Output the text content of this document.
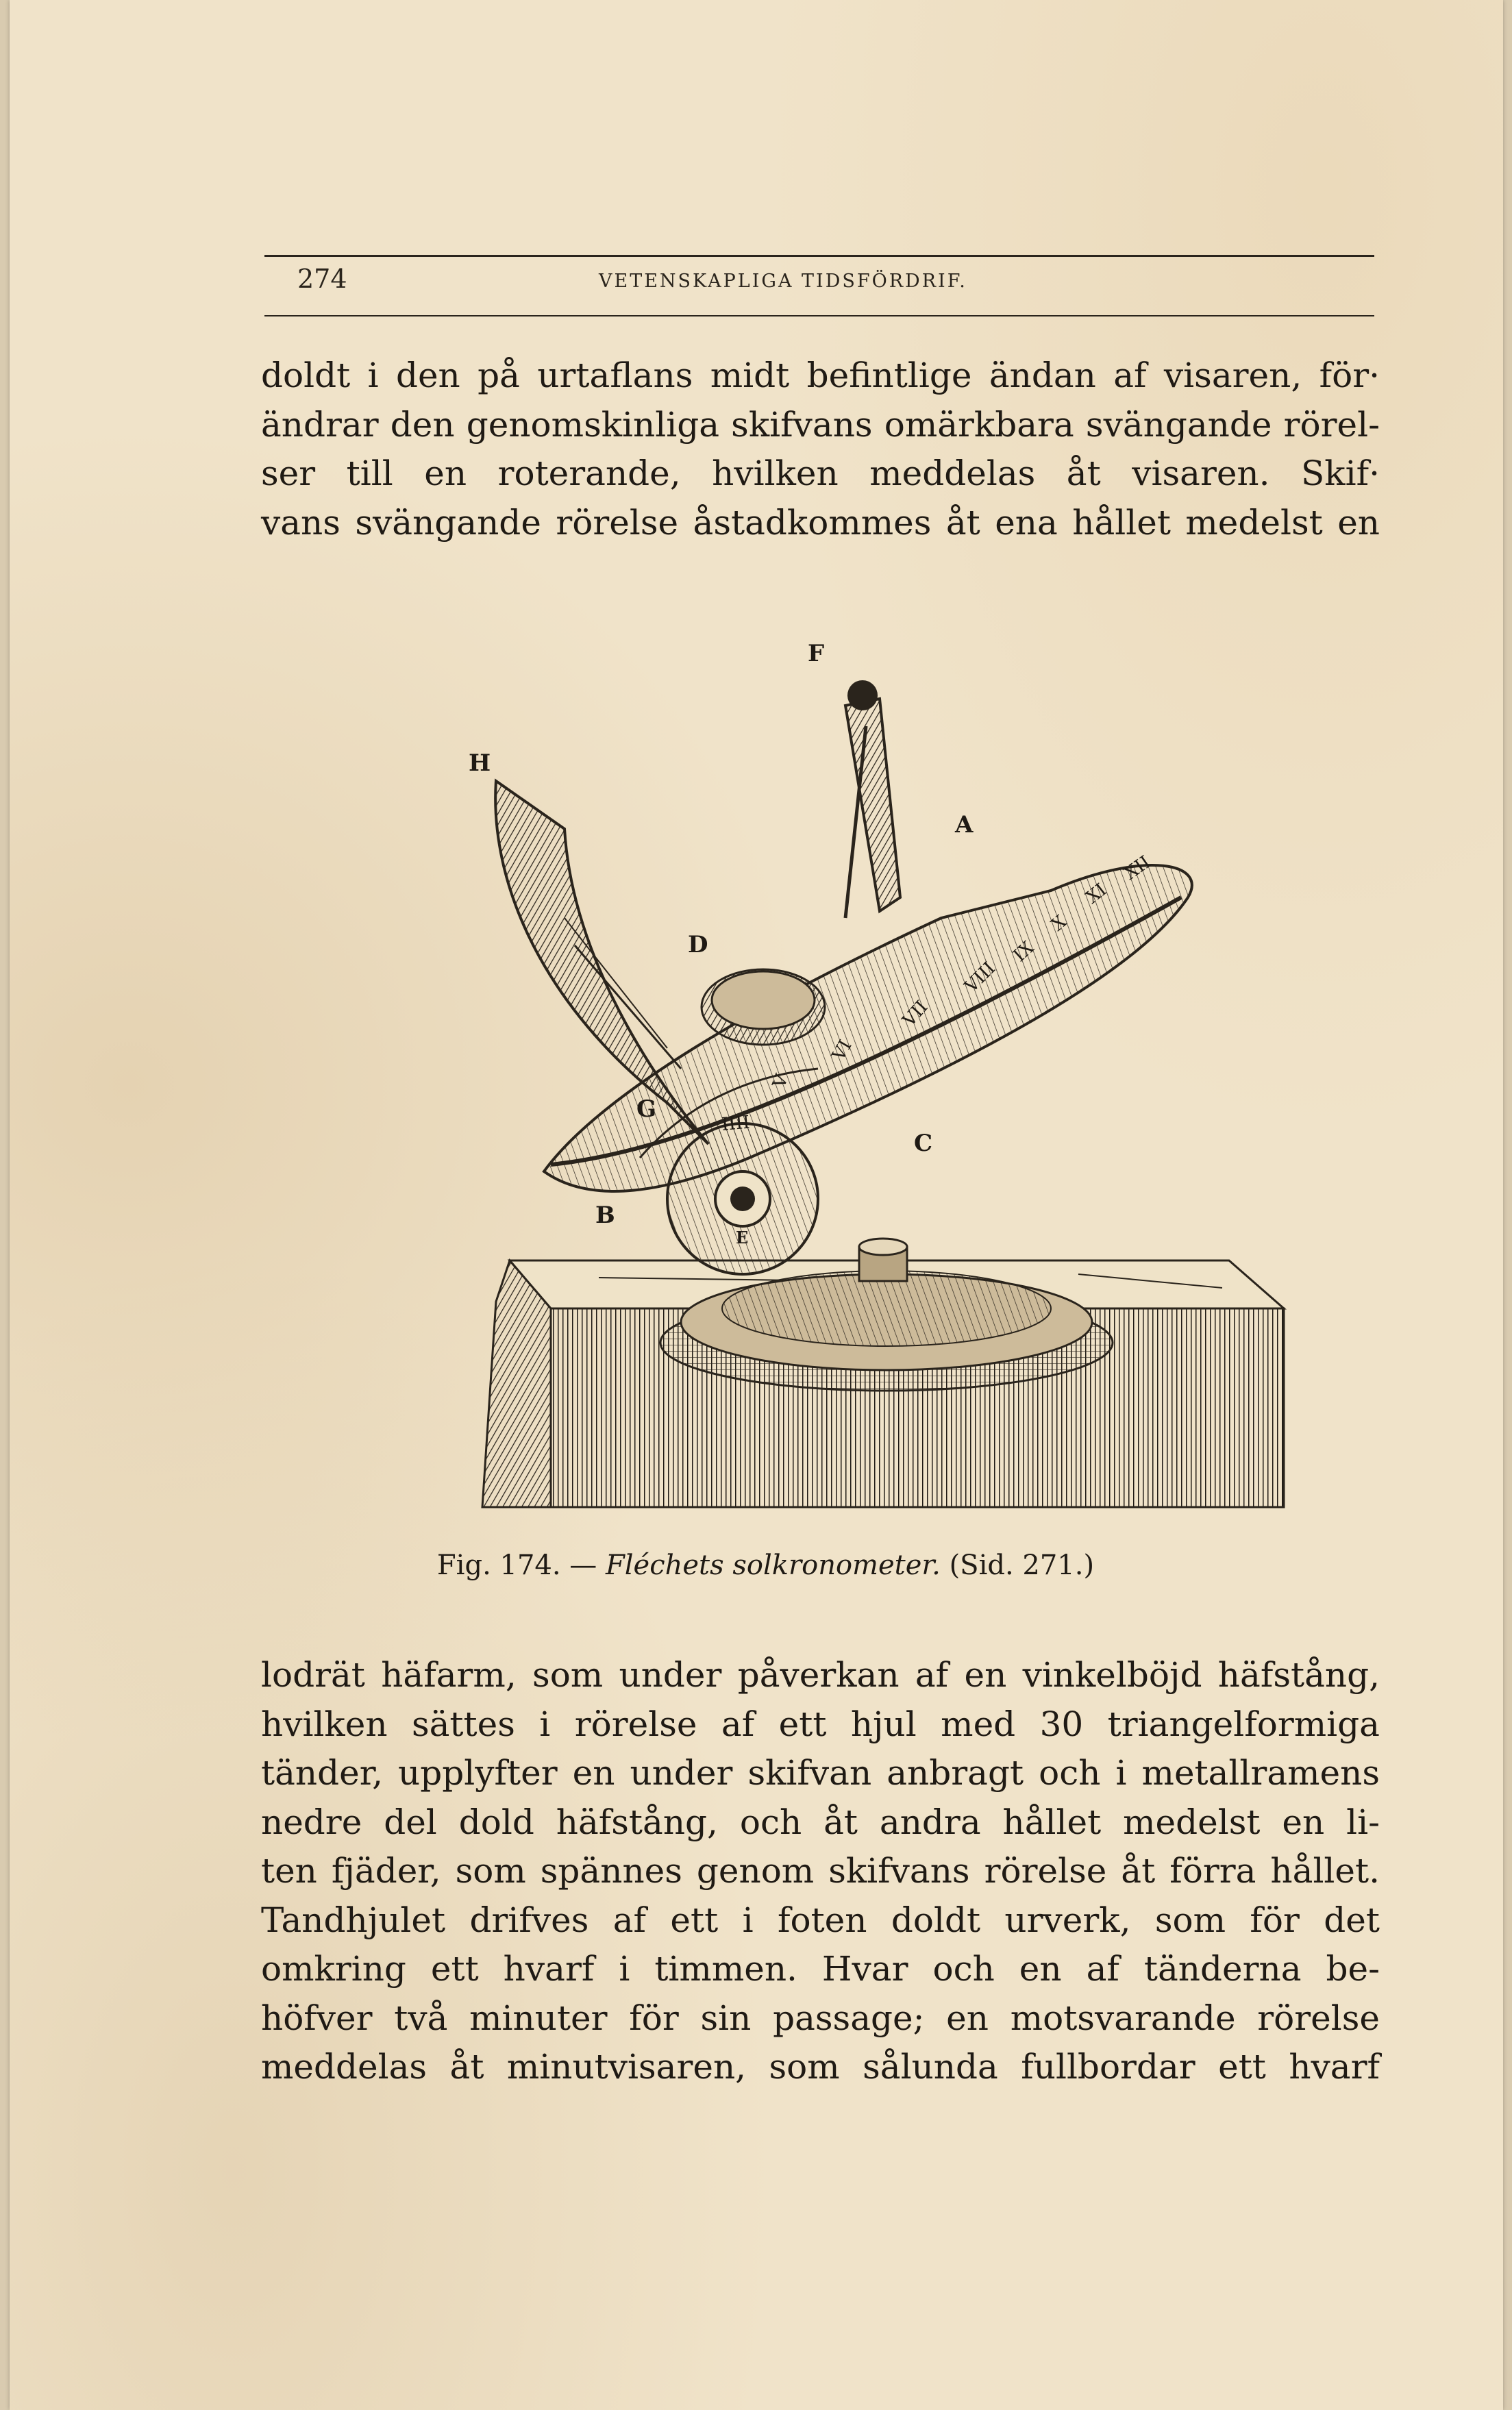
274	VETENSKAPLIGA TIDSFÖRDRIF.

doldt i den på urtaflans midt befintlige ändan af visaren, för·
ändrar den genomskinliga skifvans omärkbara svängande rörel-
ser till en roterande, hvilken meddelas åt visaren. Skif·
vans svängande rörelse åstadkommes åt ena hållet medelst en

XII
XI
X
IX
VIII
VII
VI
V
IIII
F
H
A
D
G
C
B
E
Fig. 174. — Fléchets solkronometer. (Sid. 271.)

lodrät häfarm, som under påverkan af en vinkelböjd häfstång,
hvilken sättes i rörelse af ett hjul med 30 triangelformiga
tänder, upplyfter en under skifvan anbragt och i metallramens
nedre del dold häfstång, och åt andra hållet medelst en li-
ten fjäder, som spännes genom skifvans rörelse åt förra hållet.
Tandhjulet drifves af ett i foten doldt urverk, som för det
omkring ett hvarf i timmen. Hvar och en af tänderna be-
höfver två minuter för sin passage; en motsvarande rörelse
meddelas åt minutvisaren, som sålunda fullbordar ett hvarf
